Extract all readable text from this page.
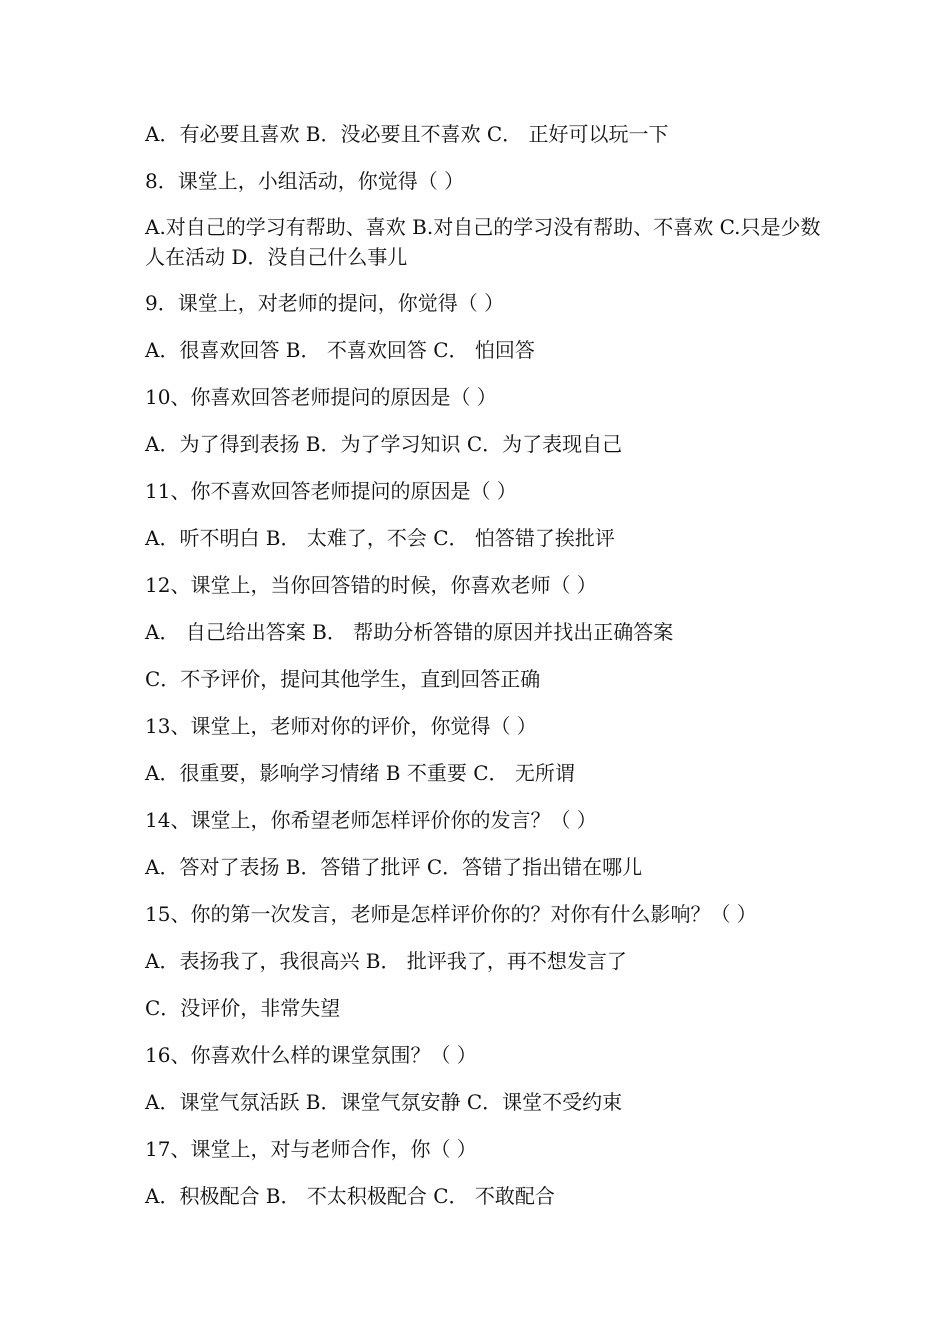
A．有必要且喜欢 B．没必要且不喜欢 C． 正好可以玩一下
8．课堂上，小组活动，你觉得（ ）
A.对自己的学习有帮助、喜欢 B.对自己的学习没有帮助、不喜欢 C.只是少数人在活动 D．没自己什么事儿
9．课堂上，对老师的提问，你觉得（ ）
A．很喜欢回答 B． 不喜欢回答 C． 怕回答
10、你喜欢回答老师提问的原因是（ ）
A．为了得到表扬 B．为了学习知识 C．为了表现自己
11、你不喜欢回答老师提问的原因是（ ）
A．听不明白 B． 太难了，不会 C． 怕答错了挨批评
12、课堂上，当你回答错的时候，你喜欢老师（ ）
A． 自己给出答案 B． 帮助分析答错的原因并找出正确答案
C．不予评价，提问其他学生，直到回答正确
13、课堂上，老师对你的评价，你觉得（ ）
A．很重要，影响学习情绪 B 不重要 C． 无所谓
14、课堂上，你希望老师怎样评价你的发言？（ ）
A．答对了表扬 B．答错了批评 C．答错了指出错在哪儿
15、你的第一次发言，老师是怎样评价你的？对你有什么影响？（ ）
A．表扬我了，我很高兴 B． 批评我了，再不想发言了
C．没评价，非常失望
16、你喜欢什么样的课堂氛围？（ ）
A．课堂气氛活跃 B．课堂气氛安静 C．课堂不受约束
17、课堂上，对与老师合作，你（ ）
A．积极配合 B． 不太积极配合 C． 不敢配合
